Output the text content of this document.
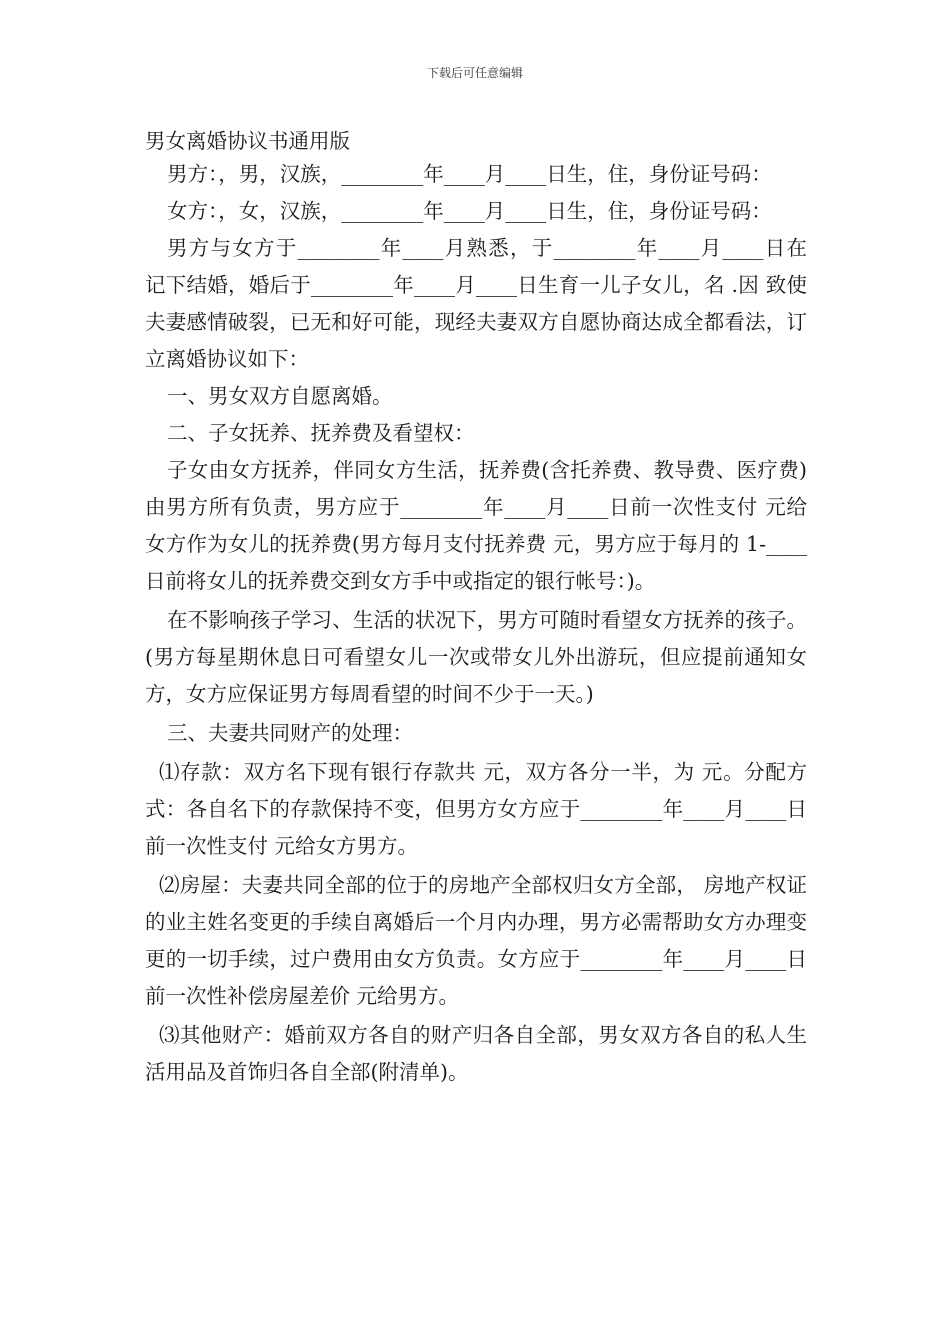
下载后可任意编辑
男女离婚协议书通用版

男方：，男，汉族，________年____月____日生，住，身份证号码：

女方：，女，汉族，________年____月____日生，住，身份证号码：

男方与女方于________年____月熟悉，于________年____月____日在 记下结婚，婚后于________年____月____日生育一儿子女儿，名 .因 致使夫妻感情破裂，已无和好可能，现经夫妻双方自愿协商达成全都看法，订立离婚协议如下：

一、男女双方自愿离婚。

二、子女抚养、抚养费及看望权：

子女由女方抚养，伴同女方生活，抚养费(含托养费、教导费、医疗费)由男方所有负责，男方应于________年____月____日前一次性支付 元给女方作为女儿的抚养费(男方每月支付抚养费 元，男方应于每月的 1-____日前将女儿的抚养费交到女方手中或指定的银行帐号：)。

在不影响孩子学习、生活的状况下，男方可随时看望女方抚养的孩子。(男方每星期休息日可看望女儿一次或带女儿外出游玩，但应提前通知女方，女方应保证男方每周看望的时间不少于一天。)

三、夫妻共同财产的处理：

⑴存款：双方名下现有银行存款共 元，双方各分一半，为 元。分配方式：各自名下的存款保持不变，但男方女方应于________年____月____日前一次性支付 元给女方男方。

⑵房屋：夫妻共同全部的位于的房地产全部权归女方全部， 房地产权证的业主姓名变更的手续自离婚后一个月内办理，男方必需帮助女方办理变更的一切手续，过户费用由女方负责。女方应于________年____月____日前一次性补偿房屋差价 元给男方。

⑶其他财产：婚前双方各自的财产归各自全部，男女双方各自的私人生活用品及首饰归各自全部(附清单)。
